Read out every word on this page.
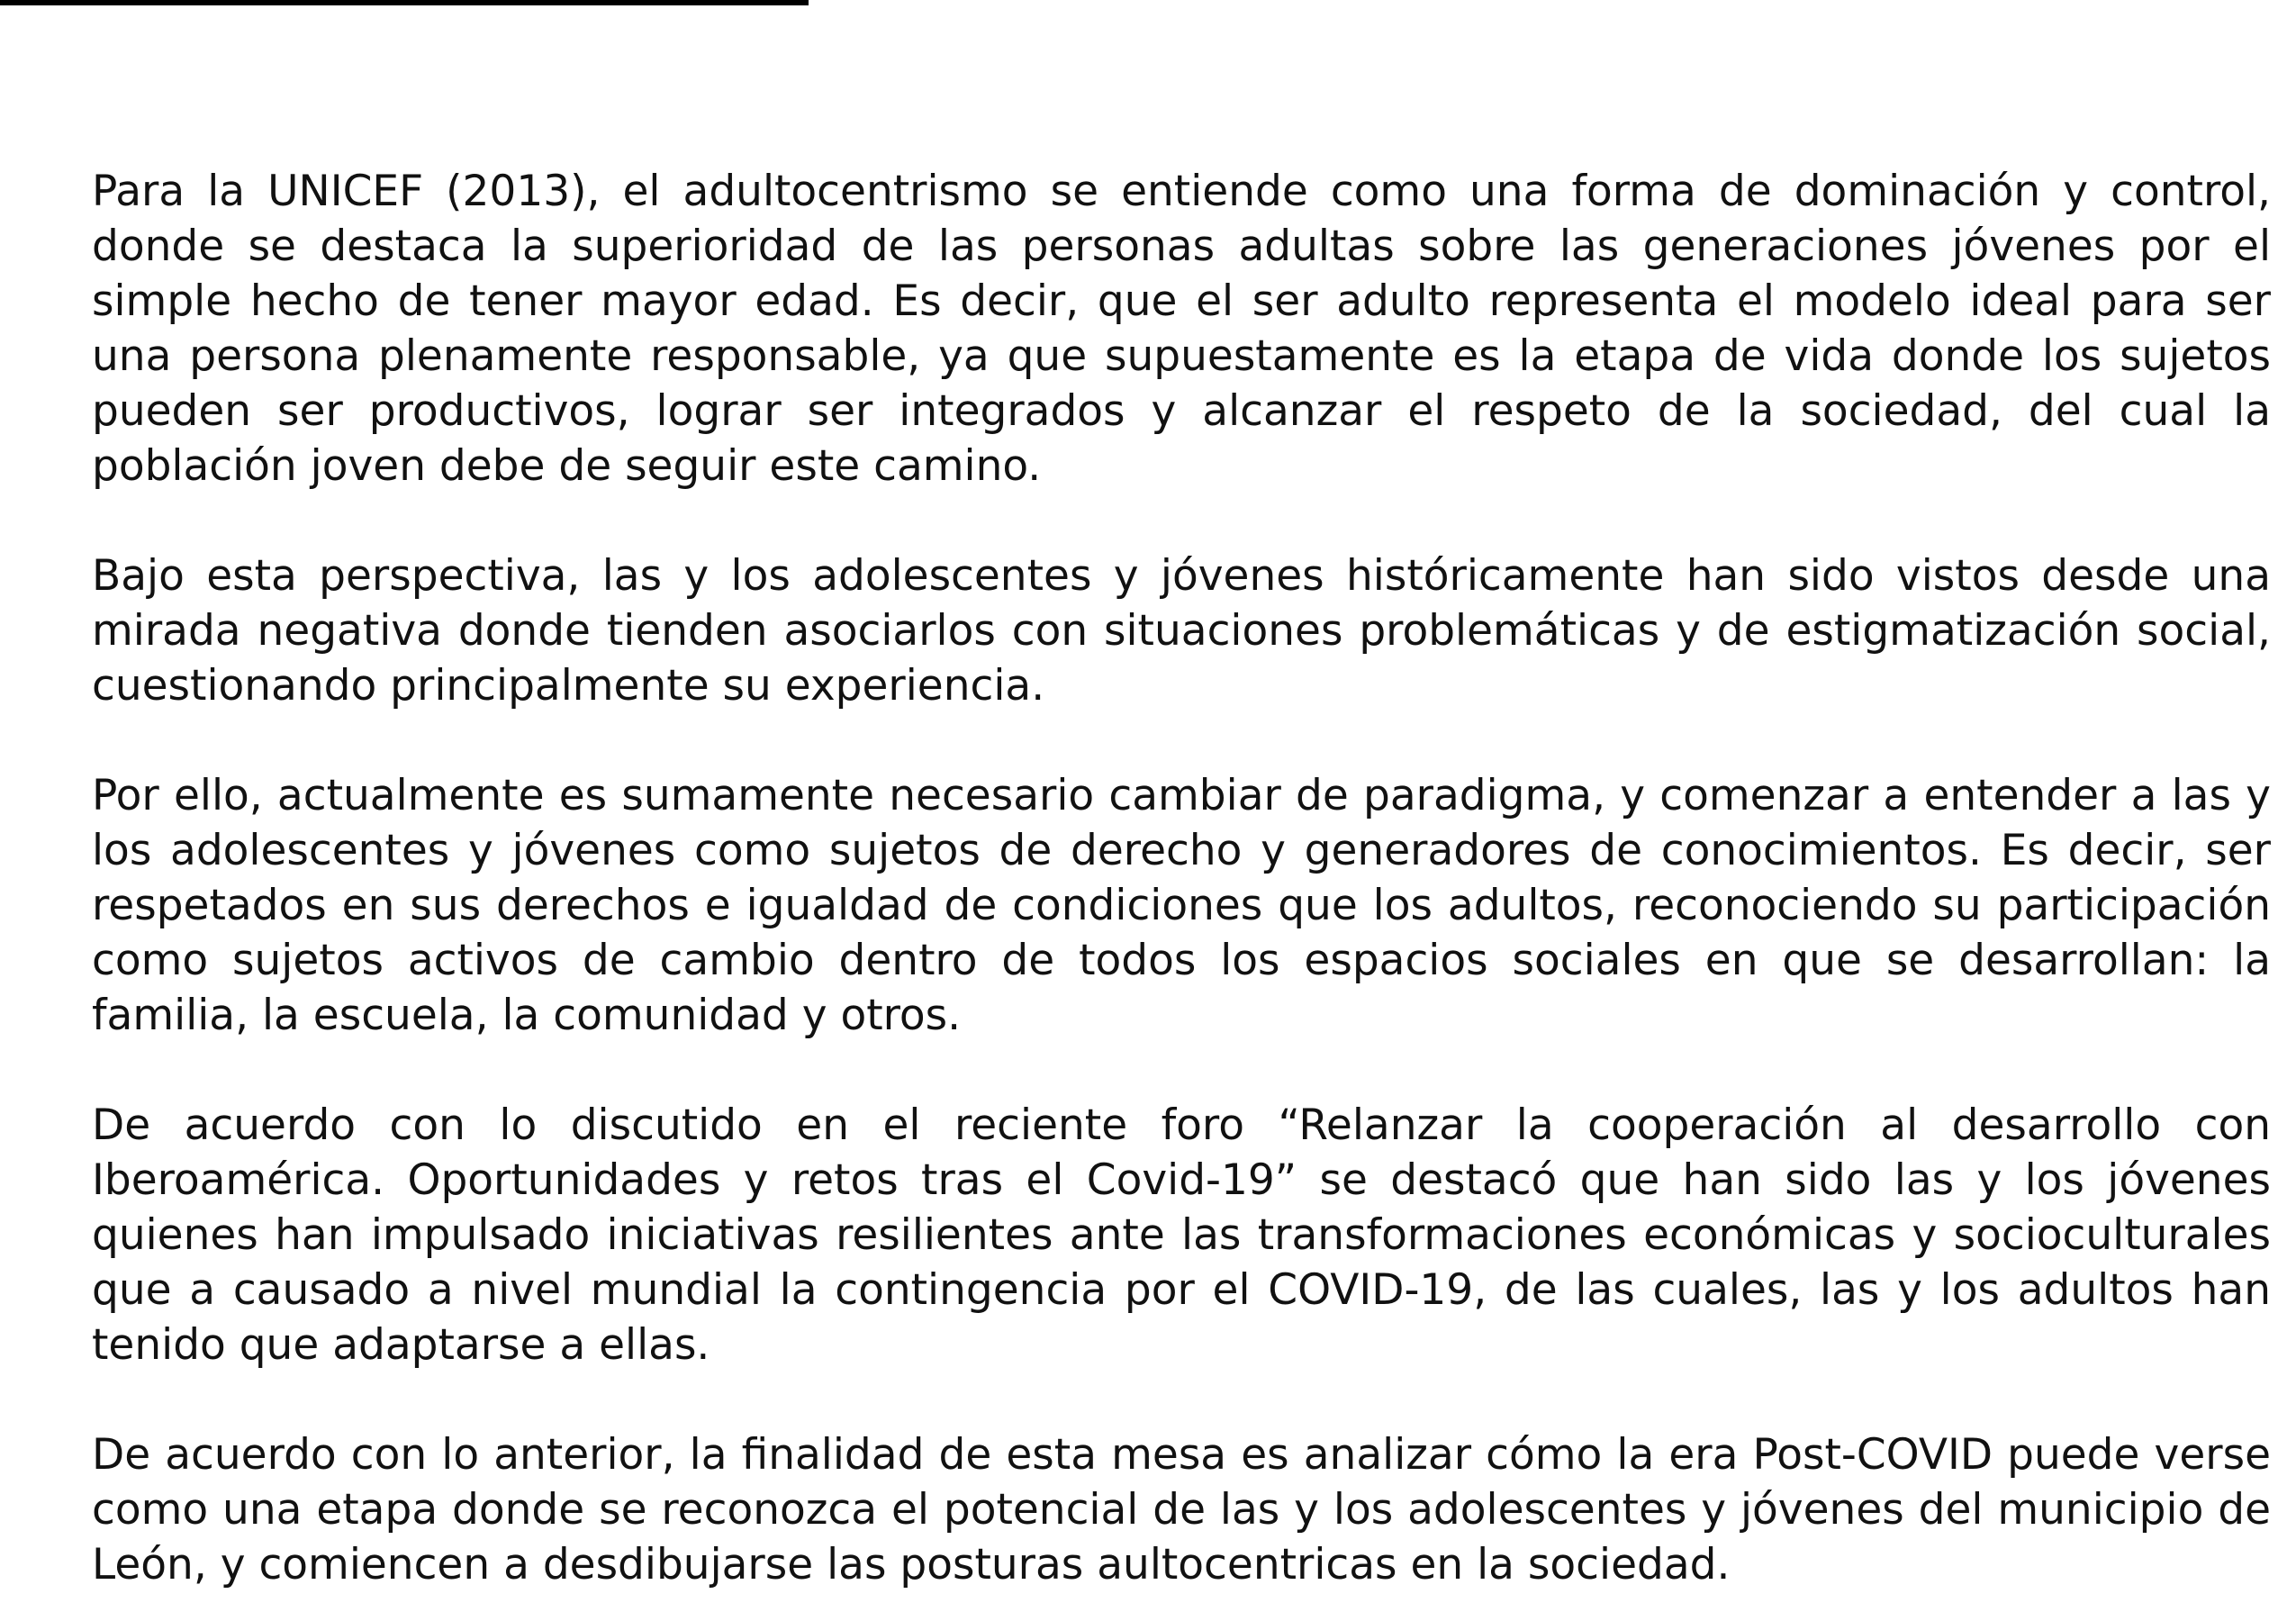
Para la UNICEF (2013), el adultocentrismo se entiende como una forma de dominación y control, donde se destaca la superioridad de las personas adultas sobre las generaciones jóvenes por el simple hecho de tener mayor edad. Es decir, que el ser adulto representa el modelo ideal para ser una persona plenamente responsable, ya que supuestamente es la etapa de vida donde los sujetos pueden ser productivos, lograr ser integrados y alcanzar el respeto de la sociedad, del cual la población joven debe de seguir este camino.

Bajo esta perspectiva, las y los adolescentes y jóvenes históricamente han sido vistos desde una mirada negativa donde tienden asociarlos con situaciones problemáticas y de estigmatización social, cuestionando principalmente su experiencia.

Por ello, actualmente es sumamente necesario cambiar de paradigma, y comenzar a entender a las y los adolescentes y jóvenes como sujetos de derecho y generadores de conocimientos. Es decir, ser respetados en sus derechos e igualdad de condiciones que los adultos, reconociendo su participación como sujetos activos de cambio dentro de todos los espacios sociales en que se desarrollan: la familia, la escuela, la comunidad y otros.

De acuerdo con lo discutido en el reciente foro “Relanzar la cooperación al desarrollo con Iberoamérica. Oportunidades y retos tras el Covid-19” se destacó que han sido las y los jóvenes quienes han impulsado iniciativas resilientes ante las transformaciones económicas y socioculturales que a causado a nivel mundial la contingencia por el COVID-19, de las cuales, las y los adultos han tenido que adaptarse a ellas.

De acuerdo con lo anterior, la finalidad de esta mesa es analizar cómo la era Post-COVID puede verse como una etapa donde se reconozca el potencial de las y los adolescentes y jóvenes del municipio de León, y comiencen a desdibujarse las posturas aultocentricas en la sociedad.
